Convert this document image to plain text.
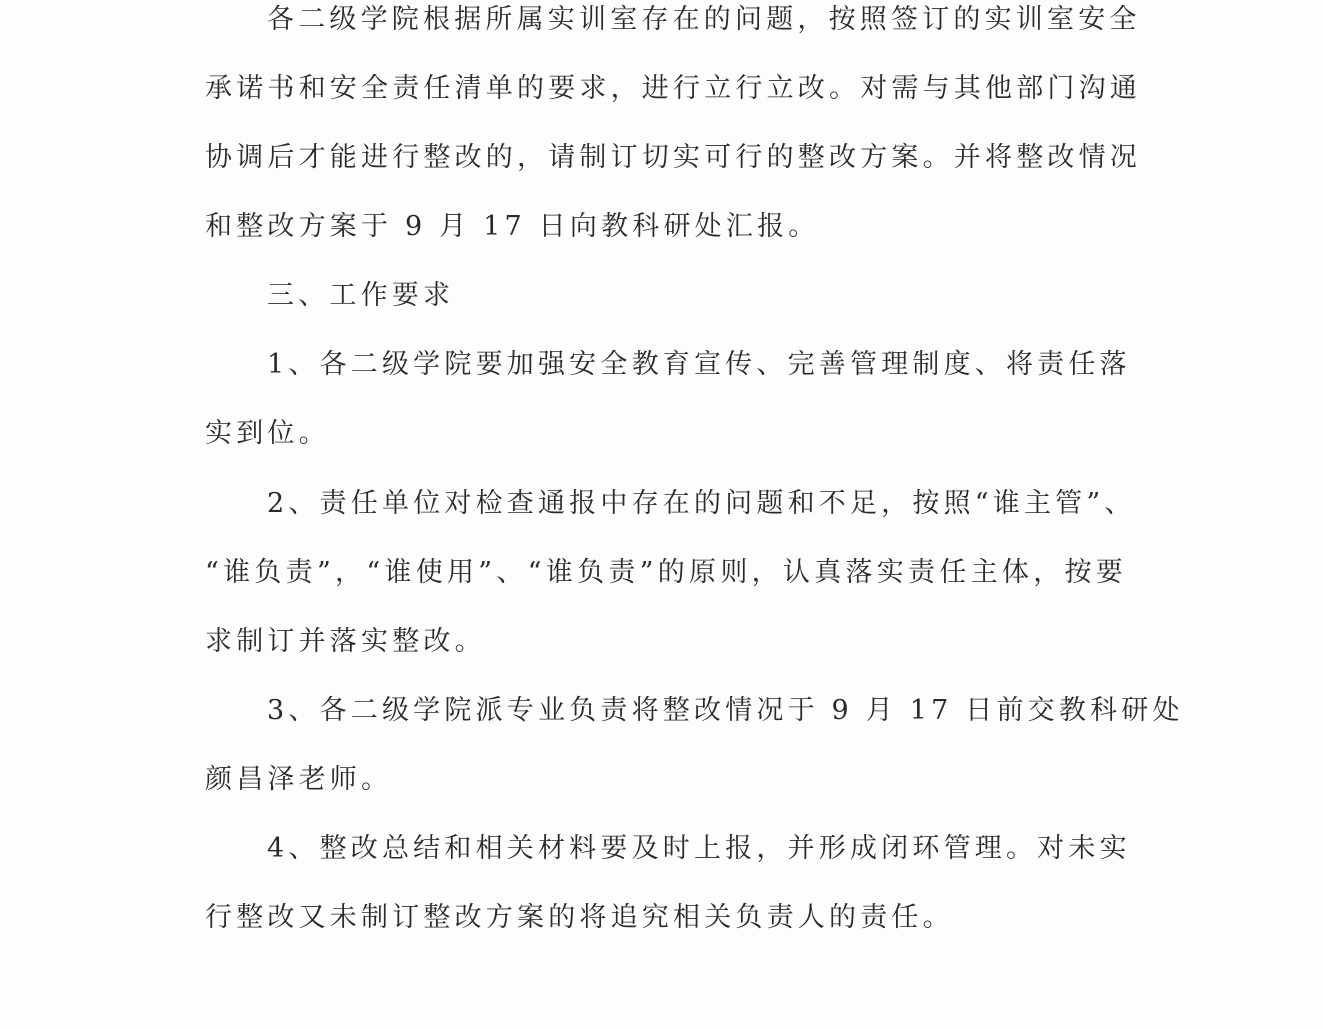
各二级学院根据所属实训室存在的问题，按照签订的实训室安全
承诺书和安全责任清单的要求，进行立行立改。对需与其他部门沟通
协调后才能进行整改的，请制订切实可行的整改方案。并将整改情况
和整改方案于 9 月 17 日向教科研处汇报。
三、工作要求
1、各二级学院要加强安全教育宣传、完善管理制度、将责任落
实到位。
2、责任单位对检查通报中存在的问题和不足，按照“谁主管”、
“谁负责”，“谁使用”、“谁负责”的原则，认真落实责任主体，按要
求制订并落实整改。
3、各二级学院派专业负责将整改情况于 9 月 17 日前交教科研处
颜昌泽老师。
4、整改总结和相关材料要及时上报，并形成闭环管理。对未实
行整改又未制订整改方案的将追究相关负责人的责任。
